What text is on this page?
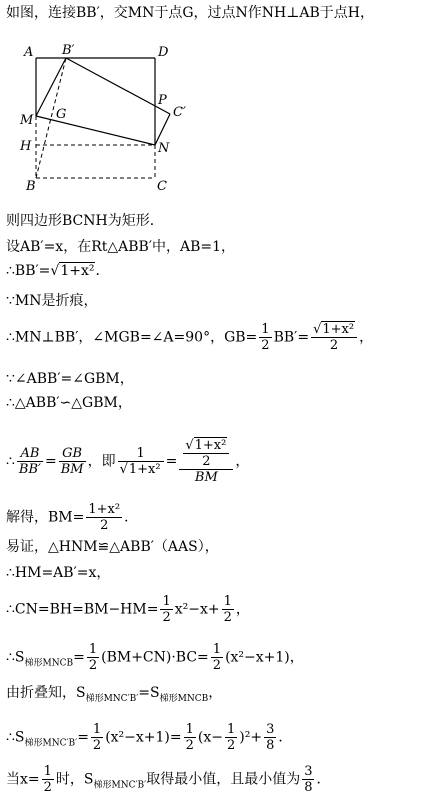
如图，连接BB′，交MN于点G，过点N作NH⊥AB于点H，
A B′	D
P
C′
M G
H	N
B	C
则四边形BCNH为矩形．
设AB′=x，在Rt△ABB′中，AB=1，
∴BB′=√1+x²．
∵MN是折痕，
∴MN⊥BB′，∠MGB=∠A=90°，$GB= \frac{1}{2} BB'= \frac{\text{√1+x²}}{2}$ ，
∵∠ABB′=∠GBM，
∴△ABB′∽△GBM，
∴ $\frac{AB}{BB'} = \frac{GB}{BM}$ ，即 $\frac{1}{\text{√1+x²}} = \frac{\frac{\text{√1+x²}}{2}}{BM}$ ，
解得，$BM= \frac{\text{1+x²}}{2}$ ．
易证，△HNM≌△ABB′（AAS），
∴HM=AB′=x，
∴CN=BH=BM−HM= $\frac{1}{2} x^2-x+ \frac{1}{2}$ ，
$\therefore S_{梯形MNCB}= \frac{1}{2} (BM+CN)\cdot BC= \frac{1}{2} (x^2-x+1)$，
由折叠知，$S_{梯形MNC'B'}=S_{梯形MNCB}$，
$\therefore S_{梯形MNC'B'}= \frac{1}{2} (x^2-x+1)= \frac{1}{2} (x- \frac{1}{2} )^2+ \frac{3}{8}$ ．
当$x= \frac{1}{2}$ 时，$S_{梯形MNC'B'}$取得最小值，且最小值为 $\frac{3}{8}$ ．
